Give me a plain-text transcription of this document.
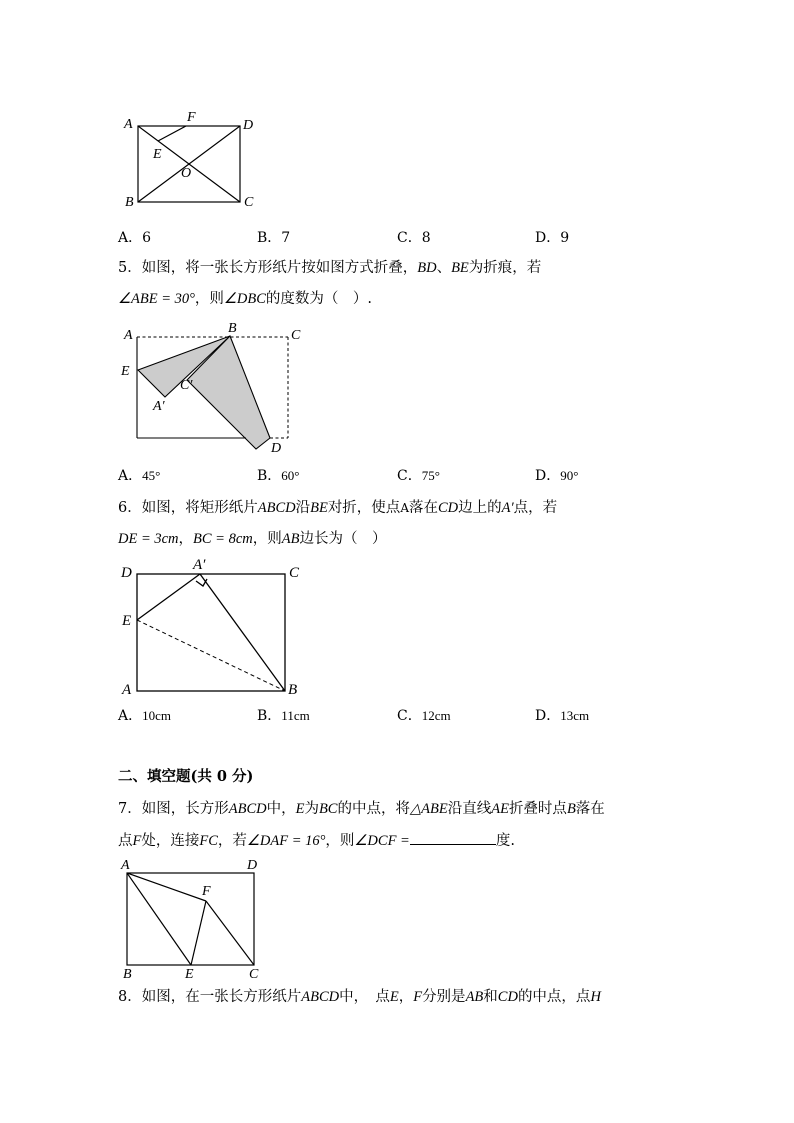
A	F
D
E
O
B	C
A．6	B．7	C．8	D．9
5．如图，将一张长方形纸片按如图方式折叠，BD、BE为折痕，若
∠ABE = 30°，则∠DBC的度数为（　）.
A	B	C
E
C′
A′
D
A．45°	B．60°	C．75°	D．90°
6．如图，将矩形纸片ABCD沿BE对折，使点A落在CD边上的A′点，若
DE = 3cm，BC = 8cm，则AB边长为（　）
D	A′	C
E
A	B
A．10cm	B．11cm	C．12cm	D．13cm
二、填空题(共 0 分)
7．如图，长方形ABCD中，E为BC的中点，将△ABE沿直线AE折叠时点B落在
点F处，连接FC，若∠DAF = 16°，则∠DCF =	度.
A	D
F
B	E	C
8．如图，在一张长方形纸片ABCD中，　点E，F分别是AB和CD的中点，点H
